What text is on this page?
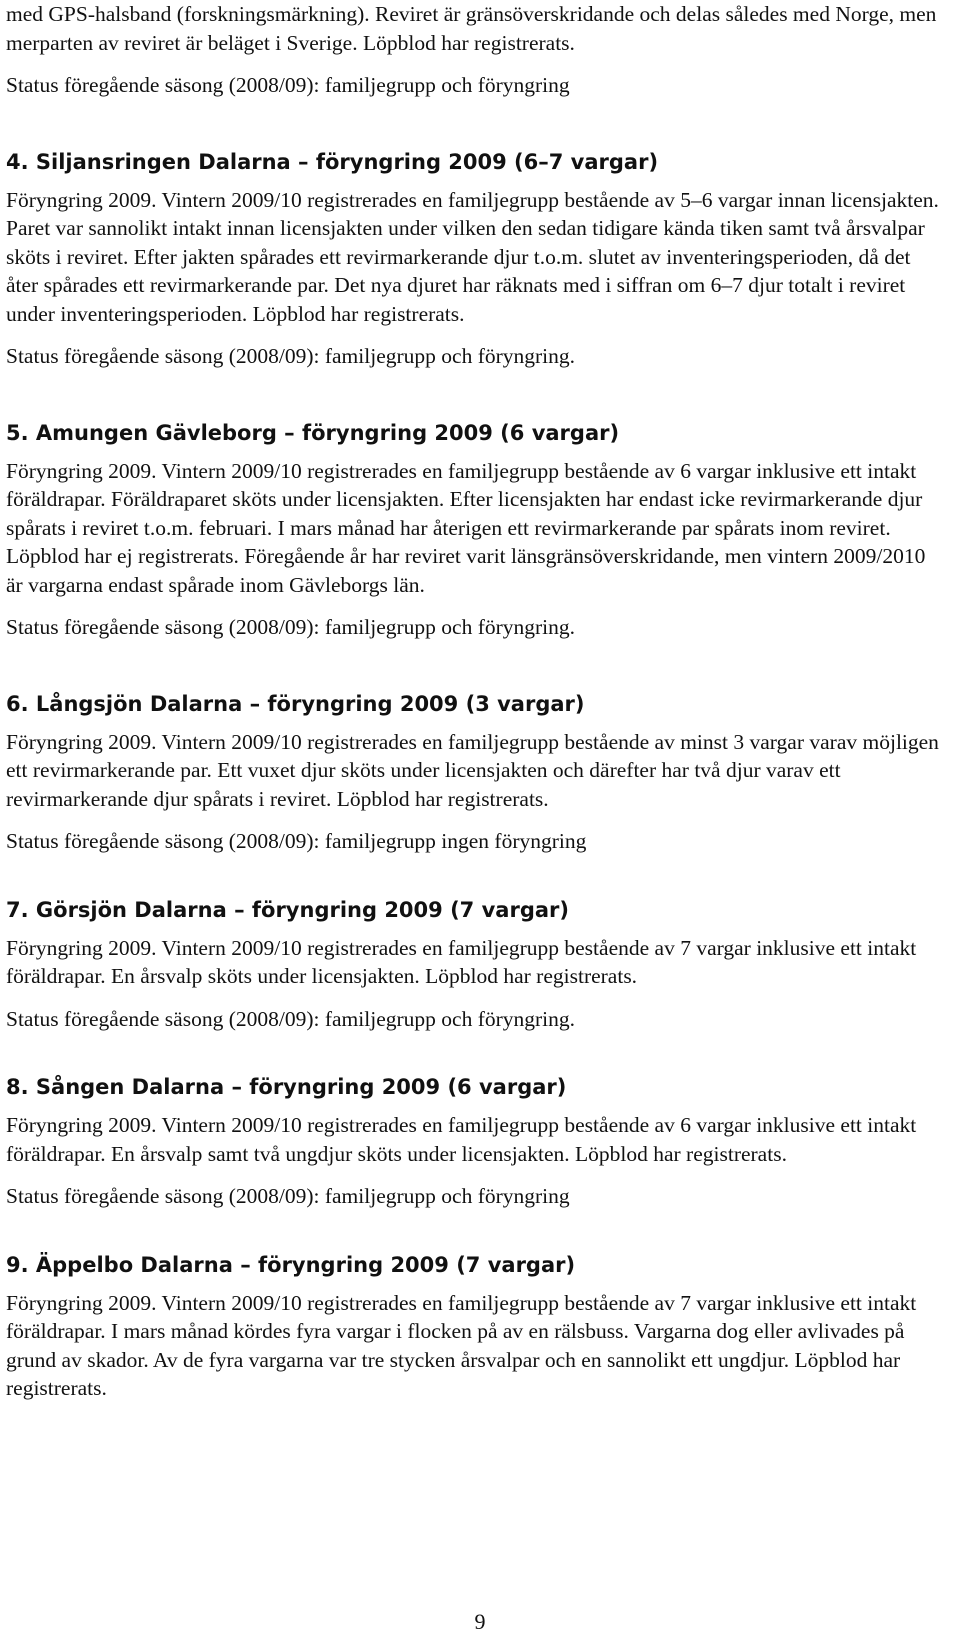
med GPS-halsband (forskningsmärkning). Reviret är gränsöverskridande och delas således med Norge, men merparten av reviret är beläget i Sverige. Löpblod har registrerats.

Status föregående säsong (2008/09): familjegrupp och föryngring

4. Siljansringen Dalarna – föryngring 2009 (6–7 vargar)

Föryngring 2009. Vintern 2009/10 registrerades en familjegrupp bestående av 5–6 vargar innan licensjakten. Paret var sannolikt intakt innan licensjakten under vilken den sedan tidigare kända tiken samt två årsvalpar sköts i reviret. Efter jakten spårades ett revirmarkerande djur t.o.m. slutet av inventeringsperioden, då det åter spårades ett revirmarkerande par. Det nya djuret har räknats med i siffran om 6–7 djur totalt i reviret under inventeringsperioden. Löpblod har registrerats.

Status föregående säsong (2008/09): familjegrupp och föryngring.

5. Amungen Gävleborg – föryngring 2009 (6 vargar)

Föryngring 2009. Vintern 2009/10 registrerades en familjegrupp bestående av 6 vargar inklusive ett intakt föräldrapar. Föräldraparet sköts under licensjakten. Efter licensjakten har endast icke revirmarkerande djur spårats i reviret t.o.m. februari. I mars månad har återigen ett revirmarkerande par spårats inom reviret. Löpblod har ej registrerats. Föregående år har reviret varit länsgränsöverskridande, men vintern 2009/2010 är vargarna endast spårade inom Gävleborgs län.

Status föregående säsong (2008/09): familjegrupp och föryngring.

6. Långsjön Dalarna – föryngring 2009 (3 vargar)

Föryngring 2009. Vintern 2009/10 registrerades en familjegrupp bestående av minst 3 vargar varav möjligen ett revirmarkerande par. Ett vuxet djur sköts under licensjakten och därefter har två djur varav ett revirmarkerande djur spårats i reviret. Löpblod har registrerats.

Status föregående säsong (2008/09): familjegrupp ingen föryngring

7. Görsjön Dalarna – föryngring 2009 (7 vargar)

Föryngring 2009. Vintern 2009/10 registrerades en familjegrupp bestående av 7 vargar inklusive ett intakt föräldrapar. En årsvalp sköts under licensjakten. Löpblod har registrerats.

Status föregående säsong (2008/09): familjegrupp och föryngring.

8. Sången Dalarna – föryngring 2009 (6 vargar)

Föryngring 2009. Vintern 2009/10 registrerades en familjegrupp bestående av 6 vargar inklusive ett intakt föräldrapar. En årsvalp samt två ungdjur sköts under licensjakten. Löpblod har registrerats.

Status föregående säsong (2008/09): familjegrupp och föryngring

9. Äppelbo Dalarna – föryngring 2009 (7 vargar)

Föryngring 2009. Vintern 2009/10 registrerades en familjegrupp bestående av 7 vargar inklusive ett intakt föräldrapar. I mars månad kördes fyra vargar i flocken på av en rälsbuss. Vargarna dog eller avlivades på grund av skador. Av de fyra vargarna var tre stycken årsvalpar och en sannolikt ett ungdjur. Löpblod har registrerats.

9
